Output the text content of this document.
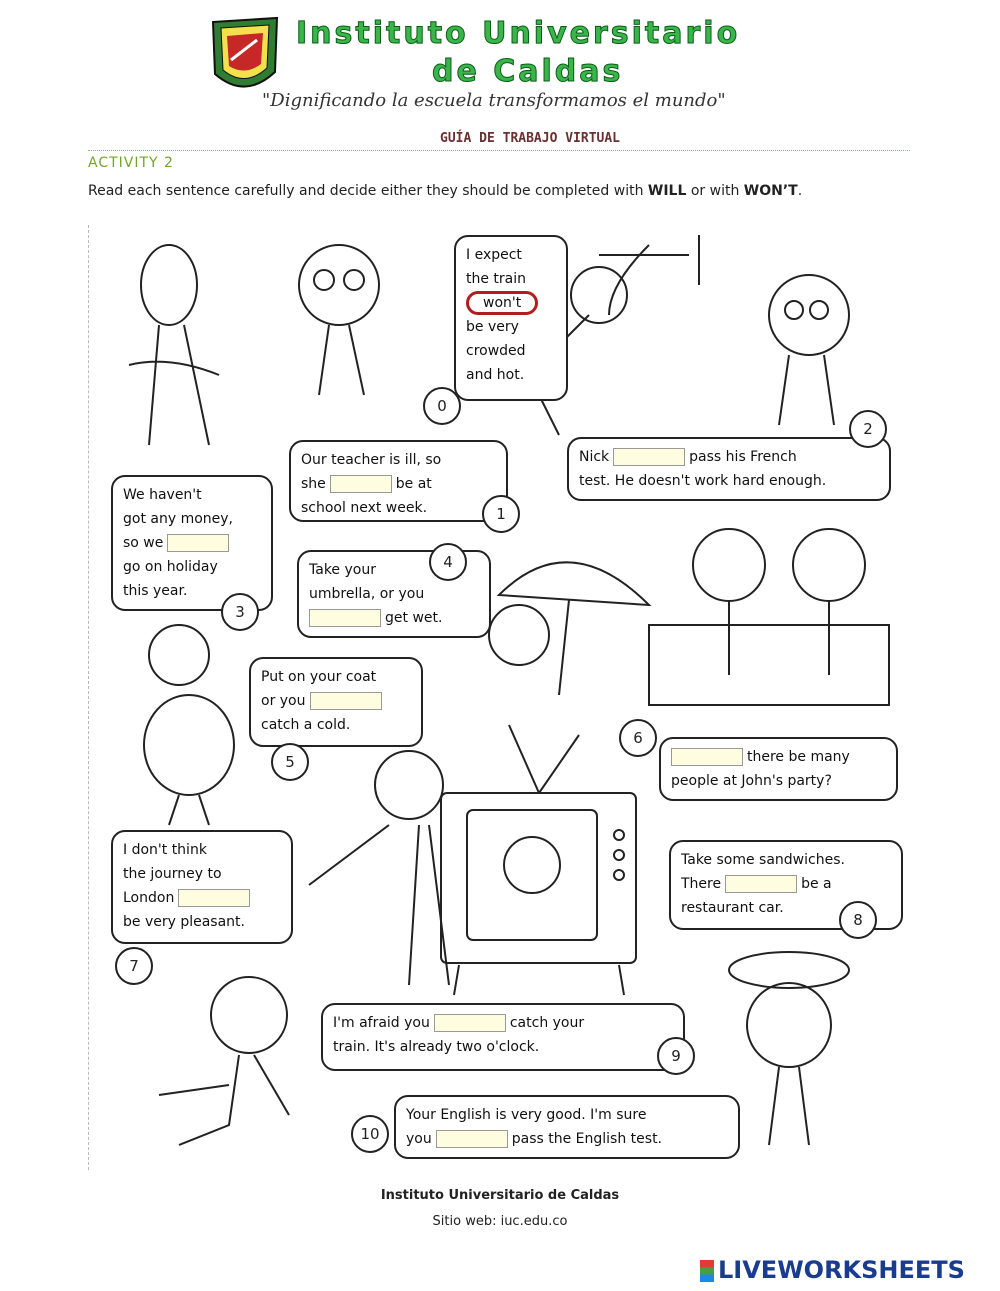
Instituto Universitario
de Caldas
"Dignificando la escuela transformamos el mundo"
GUÍA DE TRABAJO VIRTUAL
ACTIVITY 2
Read each sentence carefully and decide either they should be completed with WILL or with WON’T.
I expect
the train
won't
be very
crowded
and hot.
0
Our teacher is ill, so
she	be at
school next week.	1
Nick	pass his French
test. He doesn't work hard enough.
2
We haven't
got any money,
so we
go on holiday
this year.
3
Take your
umbrella, or you
get wet.
4
Put on your coat
or you
catch a cold.
5	there be many
people at John's party?
6
I don't think
the journey to
London
be very pleasant.
7
Take some sandwiches.
There	be a
restaurant car.
8
I'm afraid you	catch your
train. It's already two o'clock.	9
Your English is very good. I'm sure
you	pass the English test.
10
Instituto Universitario de Caldas
Sitio web: iuc.edu.co
LIVEWORKSHEETS
